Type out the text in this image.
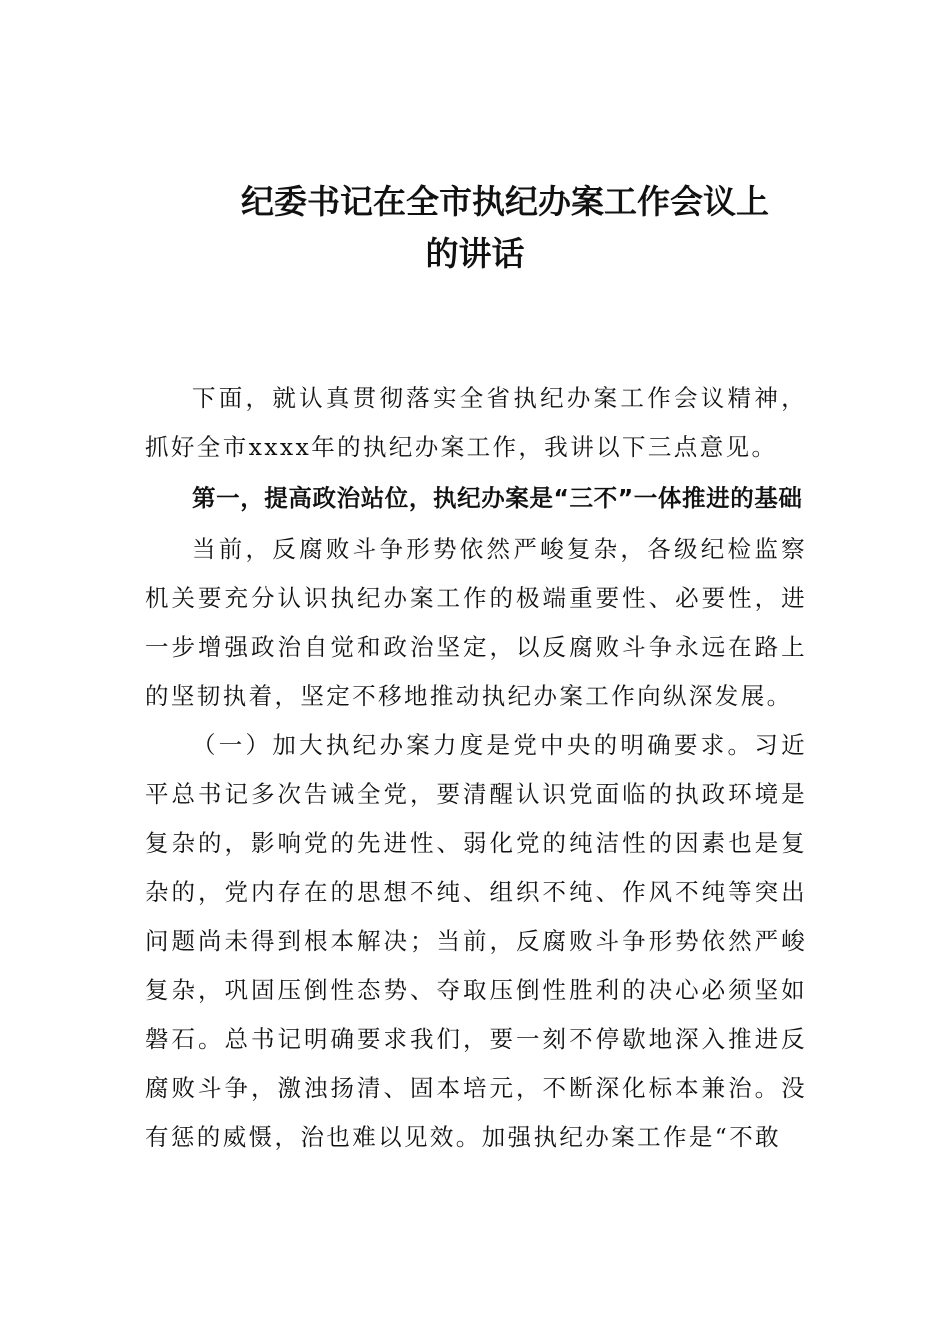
纪委书记在全市执纪办案工作会议上
的讲话

下面，就认真贯彻落实全省执纪办案工作会议精神，抓好全市xxxx年的执纪办案工作，我讲以下三点意见。

第一，提高政治站位，执纪办案是“三不”一体推进的基础

当前，反腐败斗争形势依然严峻复杂，各级纪检监察机关要充分认识执纪办案工作的极端重要性、必要性，进一步增强政治自觉和政治坚定，以反腐败斗争永远在路上的坚韧执着，坚定不移地推动执纪办案工作向纵深发展。

（一）加大执纪办案力度是党中央的明确要求。习近平总书记多次告诫全党，要清醒认识党面临的执政环境是复杂的，影响党的先进性、弱化党的纯洁性的因素也是复杂的，党内存在的思想不纯、组织不纯、作风不纯等突出问题尚未得到根本解决；当前，反腐败斗争形势依然严峻复杂，巩固压倒性态势、夺取压倒性胜利的决心必须坚如磐石。总书记明确要求我们，要一刻不停歇地深入推进反腐败斗争，激浊扬清、固本培元，不断深化标本兼治。没有惩的威慑，治也难以见效。加强执纪办案工作是“不敢
